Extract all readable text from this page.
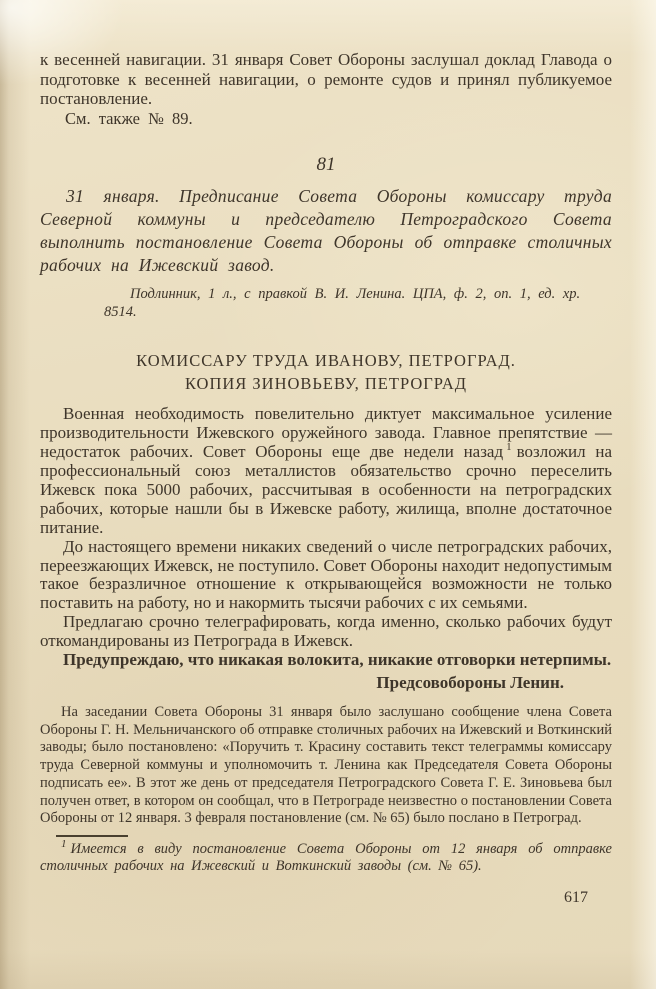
к весенней навигации. 31 января Совет Обороны заслушал доклад Главода о подготовке к весенней навигации, о ремонте судов и принял публикуемое постановление.

См. также № 89.

81

31 января. Предписание Совета Обороны комиссару труда Северной коммуны и председателю Петроградского Совета выполнить постановление Совета Обороны об отправке столичных рабочих на Ижевский завод.

Подлинник, 1 л., с правкой В. И. Ленина. ЦПА, ф. 2, оп. 1, ед. хр. 8514.

КОМИССАРУ ТРУДА ИВАНОВУ, ПЕТРОГРАД.
КОПИЯ ЗИНОВЬЕВУ, ПЕТРОГРАД

Военная необходимость повелительно диктует максимальное усиление производительности Ижевского оружейного завода. Главное препятствие — недостаток рабочих. Совет Обороны еще две недели назад $^1$ возложил на профессиональный союз металлистов обязательство срочно переселить Ижевск пока 5000 рабочих, рассчитывая в особенности на петроградских рабочих, которые нашли бы в Ижевске работу, жилища, вполне достаточное питание.

До настоящего времени никаких сведений о числе петроградских рабочих, переезжающих Ижевск, не поступило. Совет Обороны находит недопустимым такое безразличное отношение к открывающейся возможности не только поставить на работу, но и накормить тысячи рабочих с их семьями.

Предлагаю срочно телеграфировать, когда именно, сколько рабочих будут откомандированы из Петрограда в Ижевск.

Предупреждаю, что никакая волокита, никакие отговорки нетерпимы.

Предсовобороны Ленин.

На заседании Совета Обороны 31 января было заслушано сообщение члена Совета Обороны Г. Н. Мельничанского об отправке столичных рабочих на Ижевский и Воткинский заводы; было постановлено: «Поручить т. Красину составить текст телеграммы комиссару труда Северной коммуны и уполномочить т. Ленина как Председателя Совета Обороны подписать ее». В этот же день от председателя Петроградского Совета Г. Е. Зиновьева был получен ответ, в котором он сообщал, что в Петрограде неизвестно о постановлении Совета Обороны от 12 января. 3 февраля постановление (см. № 65) было послано в Петроград.

$^1$ Имеется в виду постановление Совета Обороны от 12 января об отправке столичных рабочих на Ижевский и Воткинский заводы (см. № 65).

617
